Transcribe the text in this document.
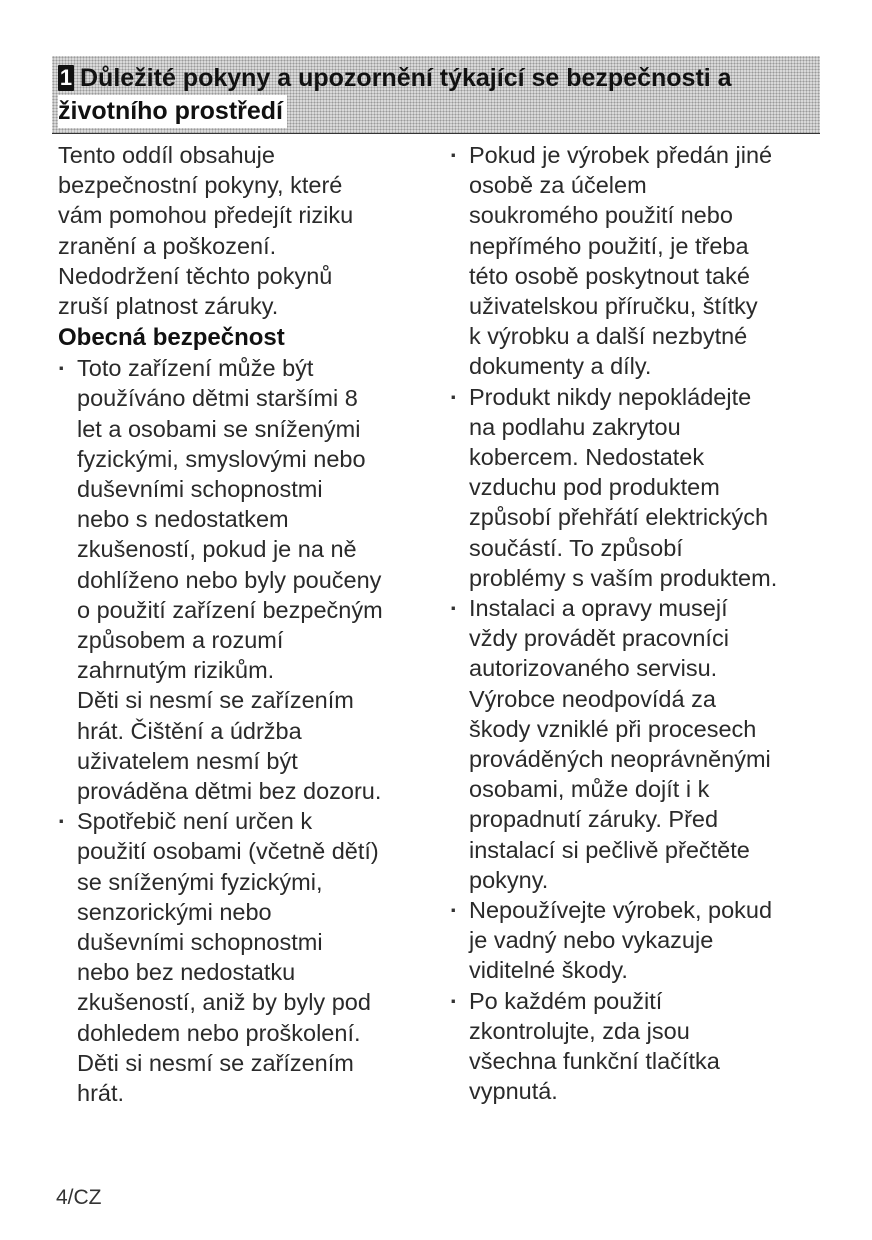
1 Důležité pokyny a upozornění týkající se bezpečnosti a
životního prostředí

Tento oddíl obsahuje
bezpečnostní pokyny, které
vám pomohou předejít riziku
zranění a poškození.
Nedodržení těchto pokynů
zruší platnost záruky.

Obecná bezpečnost
· Toto zařízení může být
používáno dětmi staršími 8
let a osobami se sníženými
fyzickými, smyslovými nebo
duševními schopnostmi
nebo s nedostatkem
zkušeností, pokud je na ně
dohlíženo nebo byly poučeny
o použití zařízení bezpečným
způsobem a rozumí
zahrnutým rizikům.
Děti si nesmí se zařízením
hrát. Čištění a údržba
uživatelem nesmí být
prováděna dětmi bez dozoru.
· Spotřebič není určen k
použití osobami (včetně dětí)
se sníženými fyzickými,
senzorickými nebo
duševními schopnostmi
nebo bez nedostatku
zkušeností, aniž by byly pod
dohledem nebo proškolení.
Děti si nesmí se zařízením
hrát.
· Pokud je výrobek předán jiné
osobě za účelem
soukromého použití nebo
nepřímého použití, je třeba
této osobě poskytnout také
uživatelskou příručku, štítky
k výrobku a další nezbytné
dokumenty a díly.
· Produkt nikdy nepokládejte
na podlahu zakrytou
kobercem. Nedostatek
vzduchu pod produktem
způsobí přehřátí elektrických
součástí. To způsobí
problémy s vaším produktem.
· Instalaci a opravy musejí
vždy provádět pracovníci
autorizovaného servisu.
Výrobce neodpovídá za
škody vzniklé při procesech
prováděných neoprávněnými
osobami, může dojít i k
propadnutí záruky. Před
instalací si pečlivě přečtěte
pokyny.
· Nepoužívejte výrobek, pokud
je vadný nebo vykazuje
viditelné škody.
· Po každém použití
zkontrolujte, zda jsou
všechna funkční tlačítka
vypnutá.
4/CZ
